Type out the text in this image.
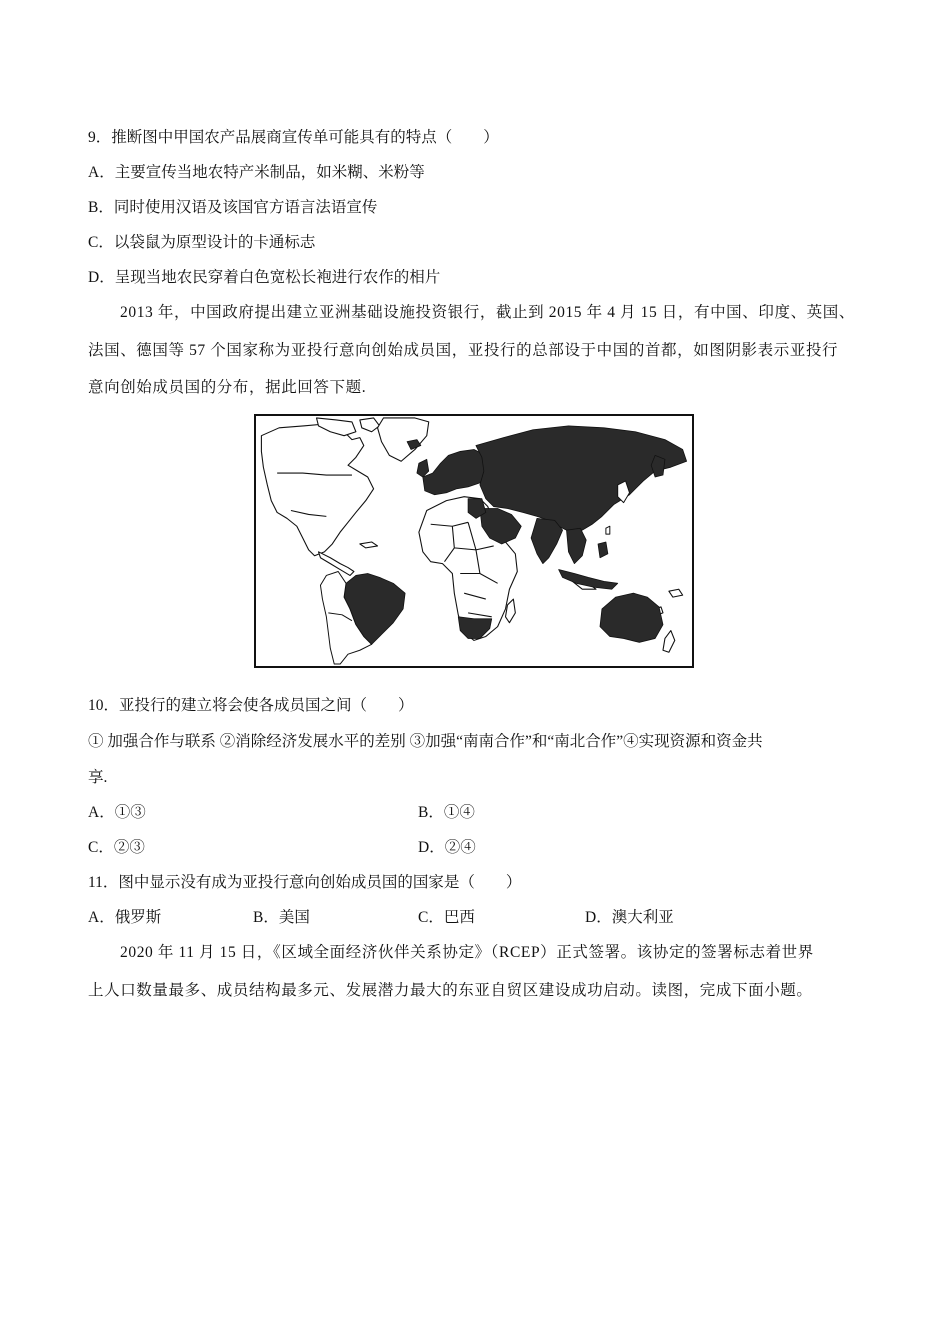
9．推断图中甲国农产品展商宣传单可能具有的特点（　　）
A．主要宣传当地农特产米制品，如米糊、米粉等
B．同时使用汉语及该国官方语言法语宣传
C．以袋鼠为原型设计的卡通标志
D．呈现当地农民穿着白色宽松长袍进行农作的相片
2013 年，中国政府提出建立亚洲基础设施投资银行，截止到 2015 年 4 月 15 日，有中国、印度、英国、
法国、德国等 57 个国家称为亚投行意向创始成员国，亚投行的总部设于中国的首都，如图阴影表示亚投行
意向创始成员国的分布，据此回答下题.
10．亚投行的建立将会使各成员国之间（　　）
① 加强合作与联系 ②消除经济发展水平的差别 ③加强“南南合作”和“南北合作”④实现资源和资金共
享.
A．①③	B．①④
C．②③	D．②④
11．图中显示没有成为亚投行意向创始成员国的国家是（　　）
A．俄罗斯	B．美国	C．巴西	D．澳大利亚
2020 年 11 月 15 日，《区域全面经济伙伴关系协定》（RCEP）正式签署。该协定的签署标志着世界
上人口数量最多、成员结构最多元、发展潜力最大的东亚自贸区建设成功启动。读图，完成下面小题。
